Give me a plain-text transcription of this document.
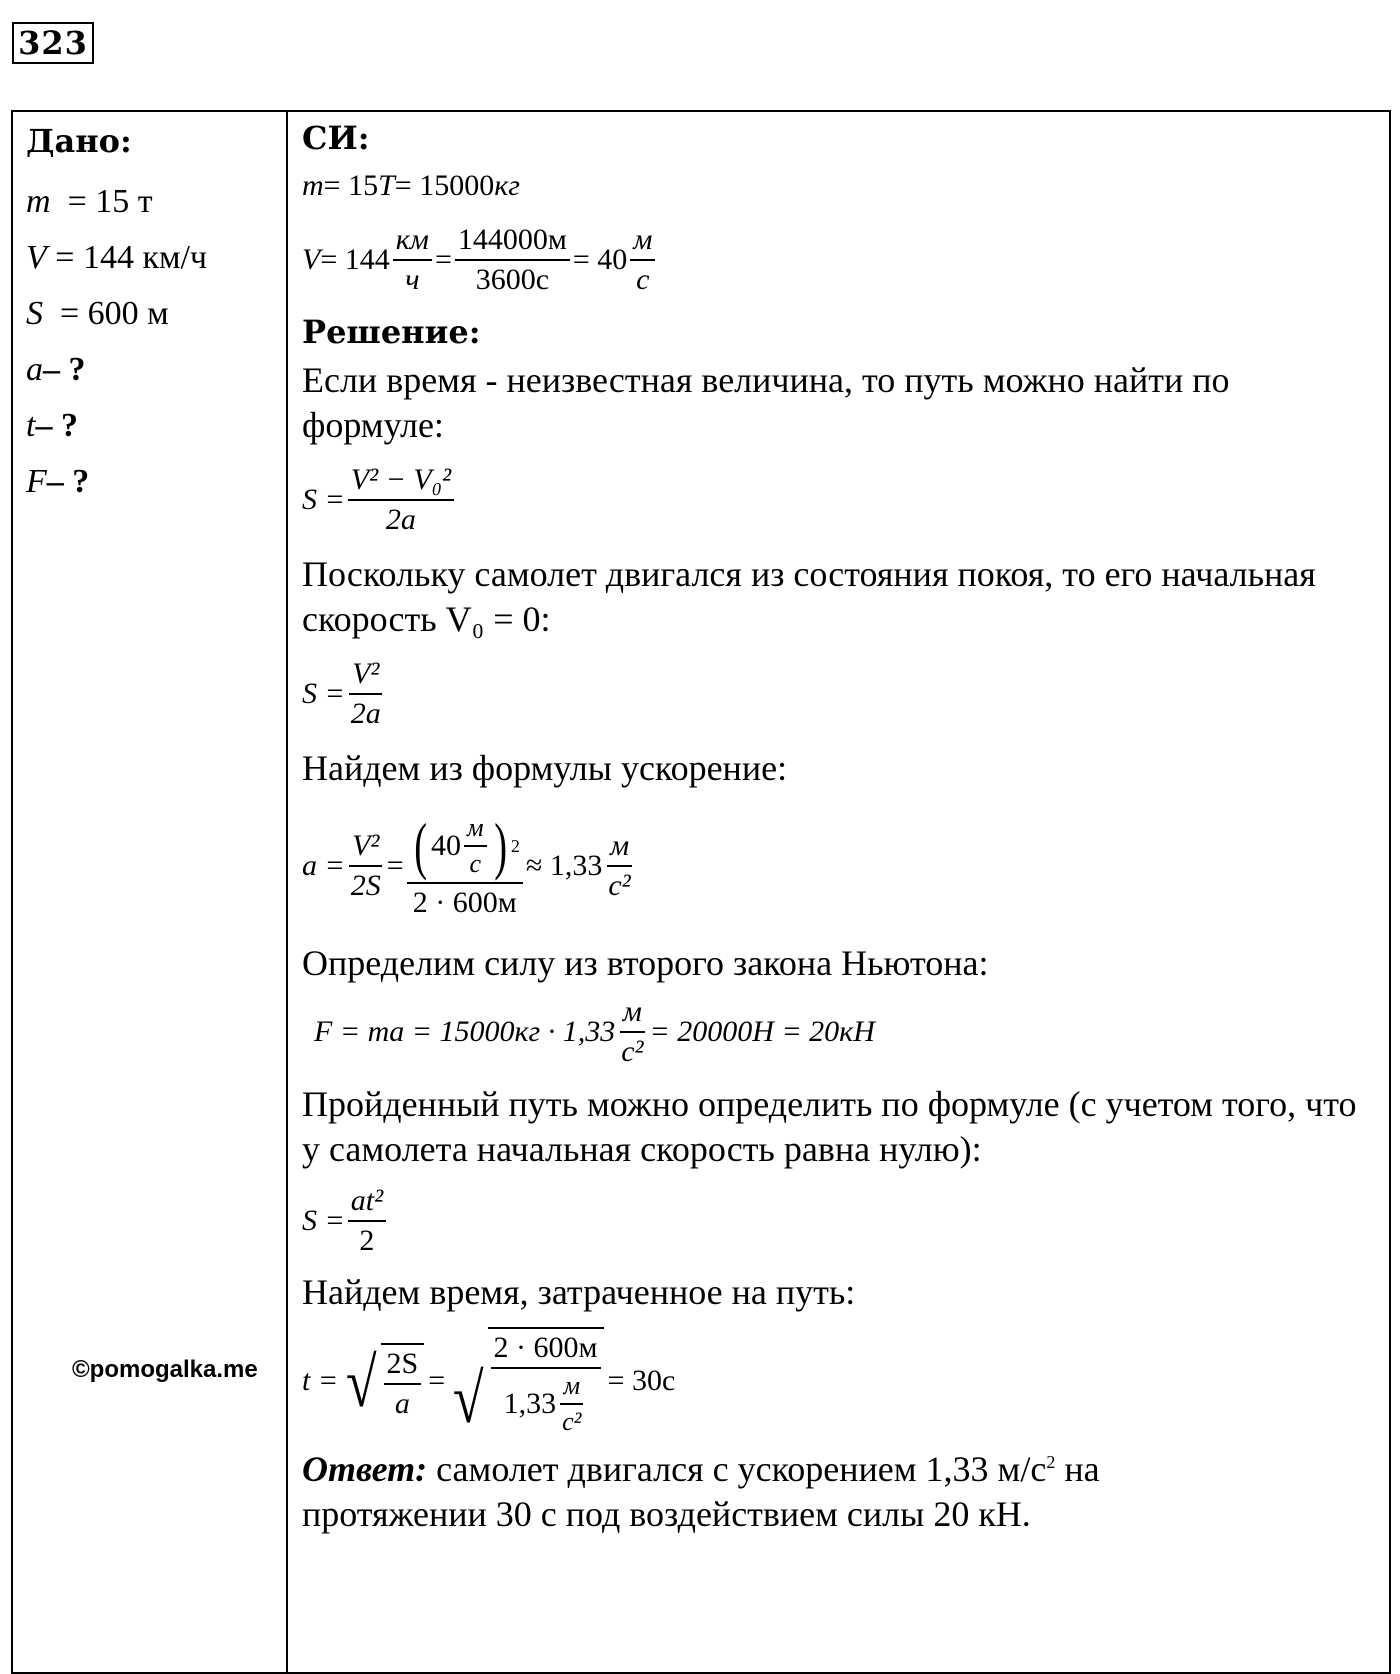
323
Дано:
m  = 15 т
V = 144 км/ч
S  = 600 м
a– ?
t– ?
F– ?
СИ:
m = 15 T = 15000 кг
$V = 144 \frac{км}{ч} = \frac{144000м}{3600с} = 40 \frac{м}{с}$
Решение:
Если время - неизвестная величина, то путь можно найти по формуле:
$S = \frac{\text{V² − V₀²}}{2a}$
Поскольку самолет двигался из состояния покоя, то его начальная скорость V₀ = 0:
$S = \frac{\text{V²}}{2a}$
Найдем из формулы ускорение:
$a = \frac{\text{V²}}{2S} = \frac{( 40 \frac{м}{с} ) 2}{2 \cdot 600м} \approx 1,33 \frac{м}{\text{с²}}$
Определим силу из второго закона Ньютона:
F = ma = $15000кг \cdot 1,33 \frac{м}{\text{с²}} = 20000H = 20кH$
Пройденный путь можно определить по формуле (с учетом того, что у самолета начальная скорость равна нулю):
$S = \frac{\text{at²}}{2}$
Найдем время, затраченное на путь:
t = √ $\frac{2S}{a}$ = √ $\frac{2 \cdot 600м}{1,33 \frac{м}{\text{с²}}} = 30с$
Ответ: самолет двигался с ускорением 1,33 $м/с^2$ на
протяжении 30 с под воздействием силы 20 кН.
©pomogalka.me
